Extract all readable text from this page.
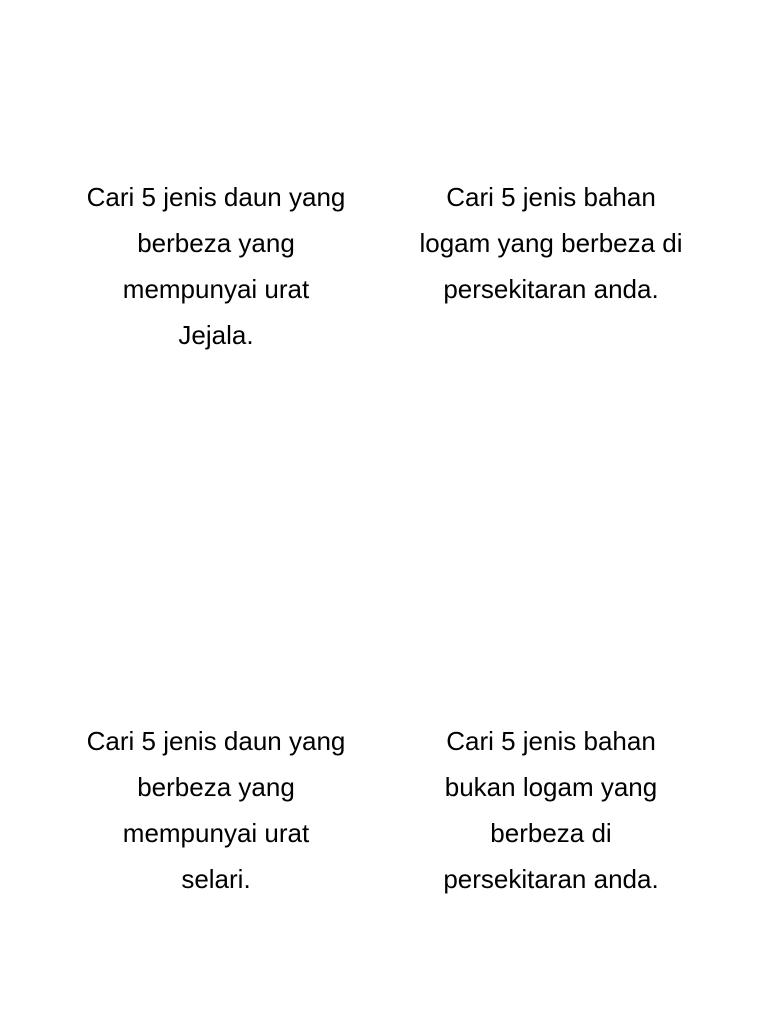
Cari 5 jenis daun yang
berbeza yang
mempunyai urat
Jejala.
Cari 5 jenis bahan
logam yang berbeza di
persekitaran anda.
Cari 5 jenis daun yang
berbeza yang
mempunyai urat
selari.
Cari 5 jenis bahan
bukan logam yang
berbeza di
persekitaran anda.
